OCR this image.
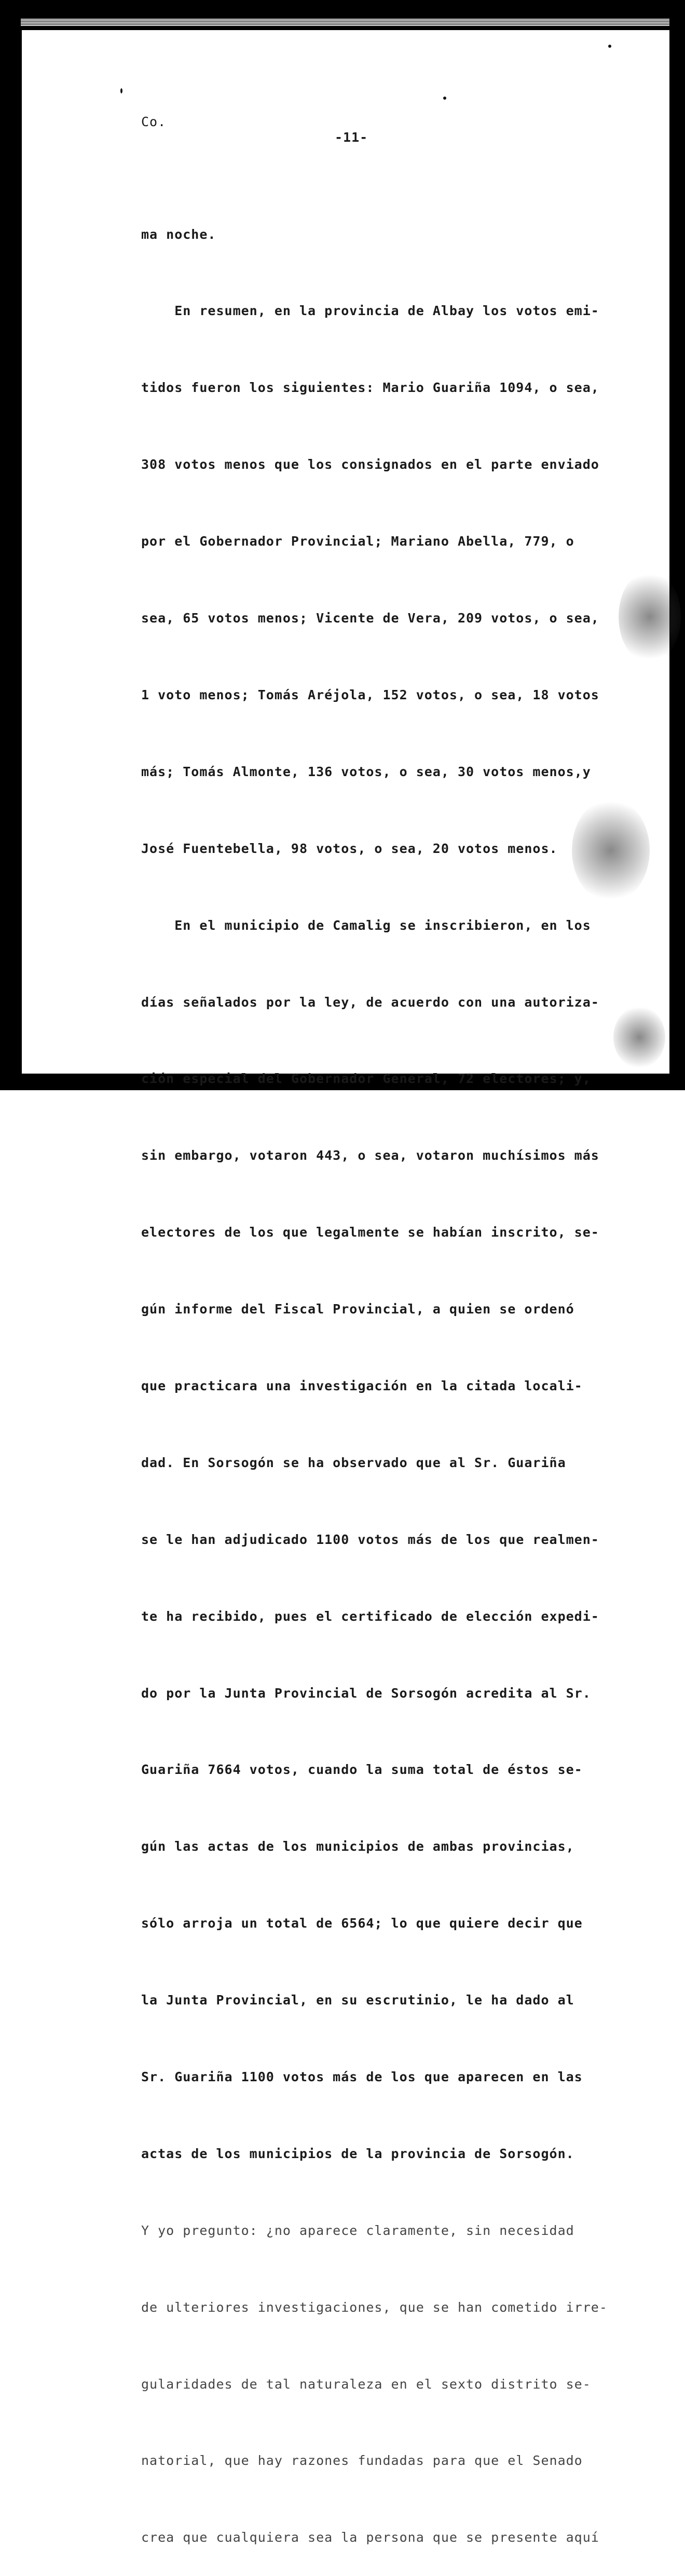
Co.
-11-

ma noche.

En resumen, en la provincia de Albay los votos emi-

tidos fueron los siguientes: Mario Guariña 1094, o sea,

308 votos menos que los consignados en el parte enviado

por el Gobernador Provincial; Mariano Abella, 779, o

sea, 65 votos menos; Vicente de Vera, 209 votos, o sea,

1 voto menos; Tomás Aréjola, 152 votos, o sea, 18 votos

más; Tomás Almonte, 136 votos, o sea, 30 votos menos,y

José Fuentebella, 98 votos, o sea, 20 votos menos.

En el municipio de Camalig se inscribieron, en los

días señalados por la ley, de acuerdo con una autoriza-

ción especial del Gobernador General, 72 electores; y,

sin embargo, votaron 443, o sea, votaron muchísimos más

electores de los que legalmente se habían inscrito, se-

gún informe del Fiscal Provincial, a quien se ordenó

que practicara una investigación en la citada locali-

dad. En Sorsogón se ha observado que al Sr. Guariña

se le han adjudicado 1100 votos más de los que realmen-

te ha recibido, pues el certificado de elección expedi-

do por la Junta Provincial de Sorsogón acredita al Sr.

Guariña 7664 votos, cuando la suma total de éstos se-

gún las actas de los municipios de ambas provincias,

sólo arroja un total de 6564; lo que quiere decir que

la Junta Provincial, en su escrutinio, le ha dado al

Sr. Guariña 1100 votos más de los que aparecen en las

actas de los municipios de la provincia de Sorsogón.

Y yo pregunto: ¿no aparece claramente, sin necesidad

de ulteriores investigaciones, que se han cometido irre-

gularidades de tal naturaleza en el sexto distrito se-

natorial, que hay razones fundadas para que el Senado

crea que cualquiera sea la persona que se presente aquí
